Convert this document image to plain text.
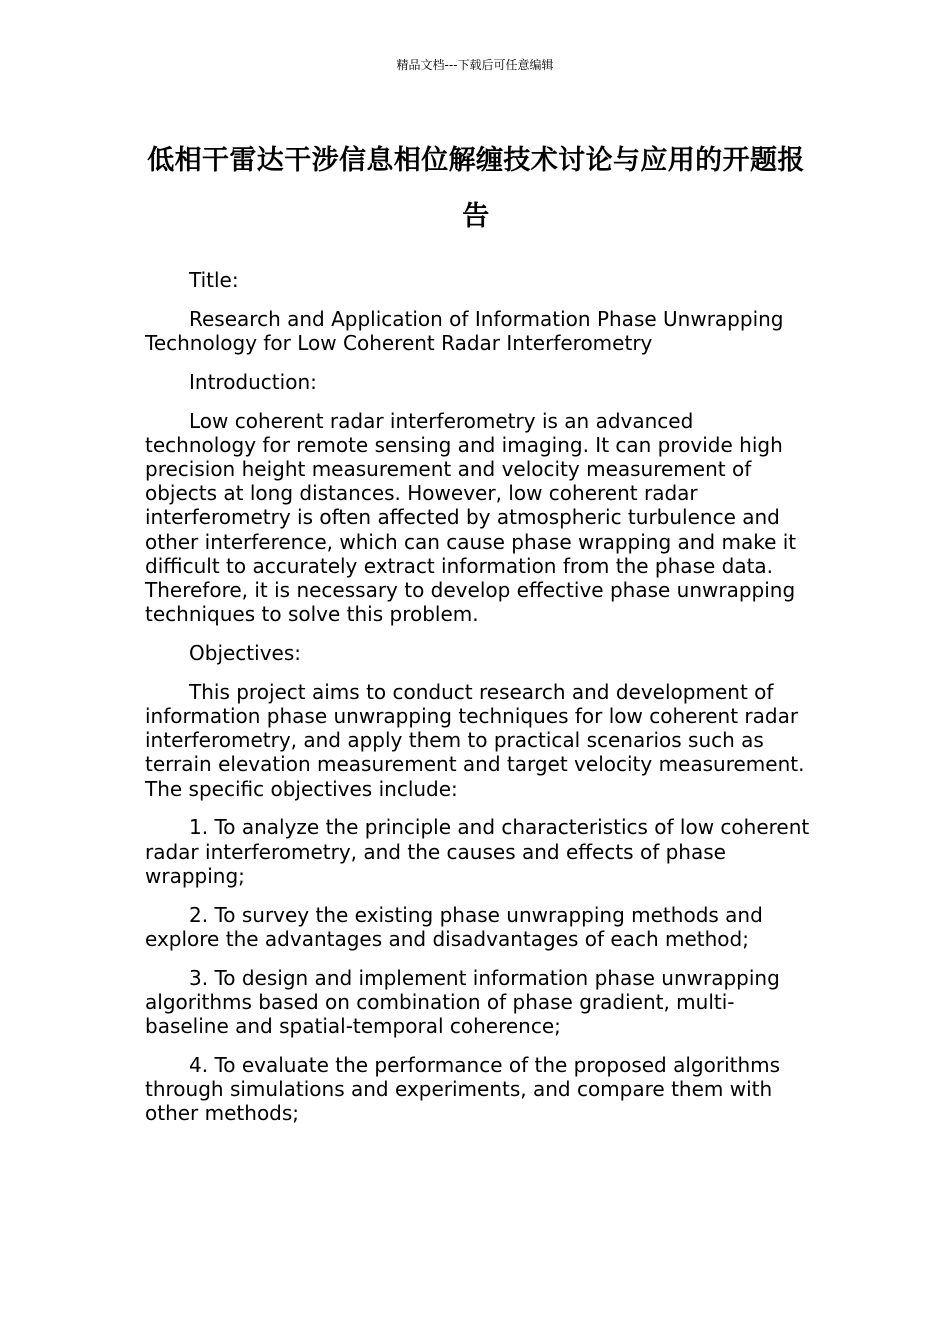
精品文档---下载后可任意编辑
低相干雷达干涉信息相位解缠技术讨论与应用的开题报告

Title:

Research and Application of Information Phase Unwrapping Technology for Low Coherent Radar Interferometry

Introduction:

Low coherent radar interferometry is an advanced technology for remote sensing and imaging. It can provide high precision height measurement and velocity measurement of objects at long distances. However, low coherent radar interferometry is often affected by atmospheric turbulence and other interference, which can cause phase wrapping and make it difficult to accurately extract information from the phase data. Therefore, it is necessary to develop effective phase unwrapping techniques to solve this problem.

Objectives:

This project aims to conduct research and development of information phase unwrapping techniques for low coherent radar interferometry, and apply them to practical scenarios such as terrain elevation measurement and target velocity measurement. The specific objectives include:

1. To analyze the principle and characteristics of low coherent radar interferometry, and the causes and effects of phase wrapping;

2. To survey the existing phase unwrapping methods and explore the advantages and disadvantages of each method;

3. To design and implement information phase unwrapping algorithms based on combination of phase gradient, multi-baseline and spatial-temporal coherence;

4. To evaluate the performance of the proposed algorithms through simulations and experiments, and compare them with other methods;
